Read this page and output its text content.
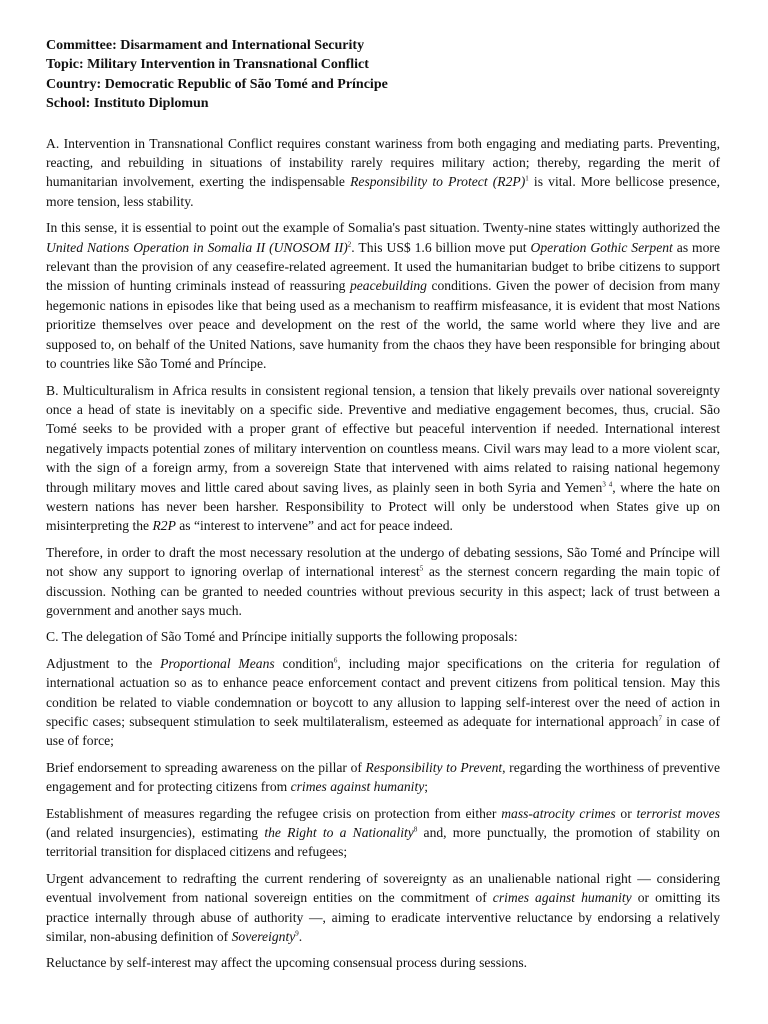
Committee: Disarmament and International Security

Topic: Military Intervention in Transnational Conflict

Country: Democratic Republic of São Tomé and Príncipe

School: Instituto Diplomun

A. Intervention in Transnational Conflict requires constant wariness from both engaging and mediating parts. Preventing, reacting, and rebuilding in situations of instability rarely requires military action; thereby, regarding the merit of humanitarian involvement, exerting the indispensable Responsibility to Protect $(R2P)^1$ is vital. More bellicose presence, more tension, less stability.

In this sense, it is essential to point out the example of Somalia's past situation. Twenty-nine states wittingly authorized the United Nations Operation in Somalia II (UNOSOM II)$^2$. This US$ 1.6 billion move put Operation Gothic Serpent as more relevant than the provision of any ceasefire-related agreement. It used the humanitarian budget to bribe citizens to support the mission of hunting criminals instead of reassuring peacebuilding conditions. Given the power of decision from many hegemonic nations in episodes like that being used as a mechanism to reaffirm misfeasance, it is evident that most Nations prioritize themselves over peace and development on the rest of the world, the same world where they live and are supposed to, on behalf of the United Nations, save humanity from the chaos they have been responsible for bringing about to countries like São Tomé and Príncipe.

B. Multiculturalism in Africa results in consistent regional tension, a tension that likely prevails over national sovereignty once a head of state is inevitably on a specific side. Preventive and mediative engagement becomes, thus, crucial. São Tomé seeks to be provided with a proper grant of effective but peaceful intervention if needed. International interest negatively impacts potential zones of military intervention on countless means. Civil wars may lead to a more violent scar, with the sign of a foreign army, from a sovereign State that intervened with aims related to raising national hegemony through military moves and little cared about saving lives, as plainly seen in both Syria and Yemen$^{3 4}$, where the hate on western nations has never been harsher. Responsibility to Protect will only be understood when States give up on misinterpreting the R2P as “interest to intervene” and act for peace indeed.

Therefore, in order to draft the most necessary resolution at the undergo of debating sessions, São Tomé and Príncipe will not show any support to ignoring overlap of international interest$^5$ as the sternest concern regarding the main topic of discussion. Nothing can be granted to needed countries without previous security in this aspect; lack of trust between a government and another says much.

C. The delegation of São Tomé and Príncipe initially supports the following proposals:

Adjustment to the Proportional Means condition$^6$, including major specifications on the criteria for regulation of international actuation so as to enhance peace enforcement contact and prevent citizens from political tension. May this condition be related to viable condemnation or boycott to any allusion to lapping self-interest over the need of action in specific cases; subsequent stimulation to seek multilateralism, esteemed as adequate for international approach$^7$ in case of use of force;

Brief endorsement to spreading awareness on the pillar of Responsibility to Prevent, regarding the worthiness of preventive engagement and for protecting citizens from crimes against humanity;

Establishment of measures regarding the refugee crisis on protection from either mass-atrocity crimes or terrorist moves (and related insurgencies), estimating the Right to a Nationality$^8$ and, more punctually, the promotion of stability on territorial transition for displaced citizens and refugees;

Urgent advancement to redrafting the current rendering of sovereignty as an unalienable national right — considering eventual involvement from national sovereign entities on the commitment of crimes against humanity or omitting its practice internally through abuse of authority —, aiming to eradicate interventive reluctance by endorsing a relatively similar, non-abusing definition of Sovereignty$^9$.

Reluctance by self-interest may affect the upcoming consensual process during sessions.
